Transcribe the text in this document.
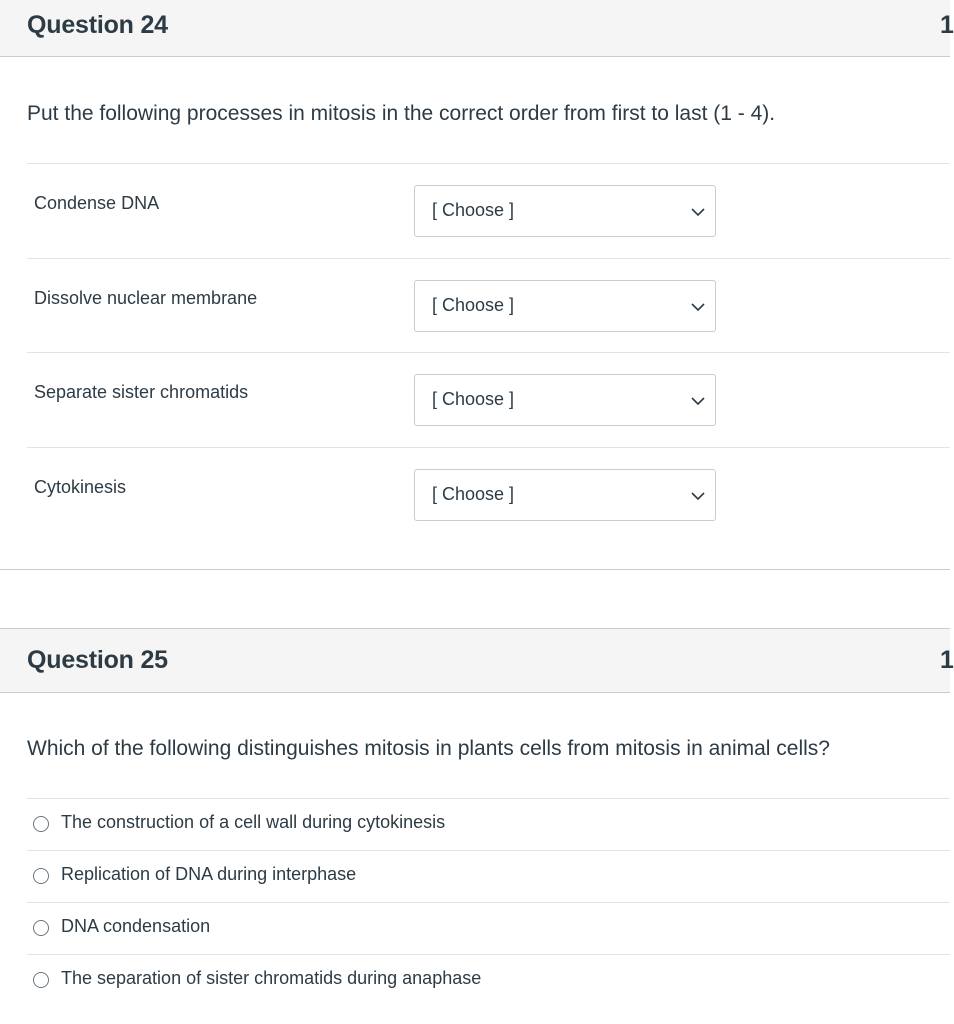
Question 24	1
Put the following processes in mitosis in the correct order from first to last (1 - 4).
Condense DNA	[ Choose ]
Dissolve nuclear membrane	[ Choose ]
Separate sister chromatids	[ Choose ]
Cytokinesis	[ Choose ]
Question 25	1
Which of the following distinguishes mitosis in plants cells from mitosis in animal cells?
The construction of a cell wall during cytokinesis
Replication of DNA during interphase
DNA condensation
The separation of sister chromatids during anaphase
